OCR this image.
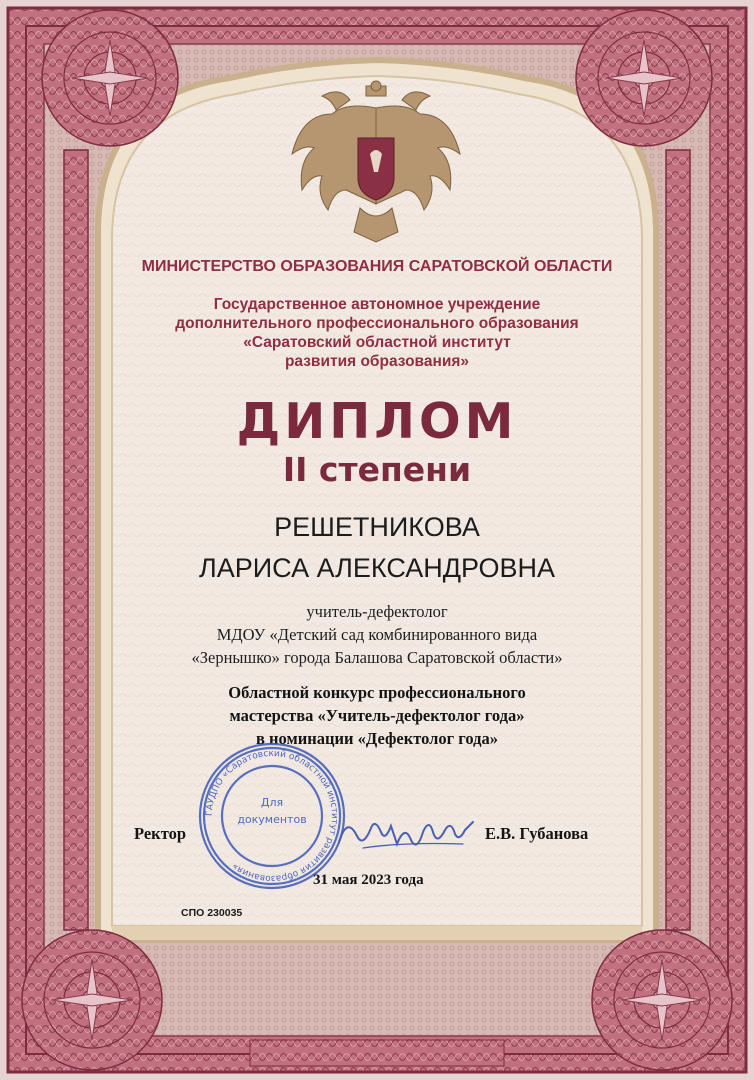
МИНИСТЕРСТВО ОБРАЗОВАНИЯ САРАТОВСКОЙ ОБЛАСТИ
Государственное автономное учреждение
дополнительного профессионального образования
«Саратовский областной институт
развития образования»
ДИПЛОМ
II степени
РЕШЕТНИКОВА
ЛАРИСА АЛЕКСАНДРОВНА
учитель-дефектолог
МДОУ «Детский сад комбинированного вида
«Зернышко» города Балашова Саратовской области»
Областной конкурс профессионального
мастерства «Учитель-дефектолог года»
в номинации «Дефектолог года»
ГАУДПО «Саратовский областной институт развития образования»
Для
документов
Ректор	Е.В. Губанова
31 мая 2023 года
СПО 230035
